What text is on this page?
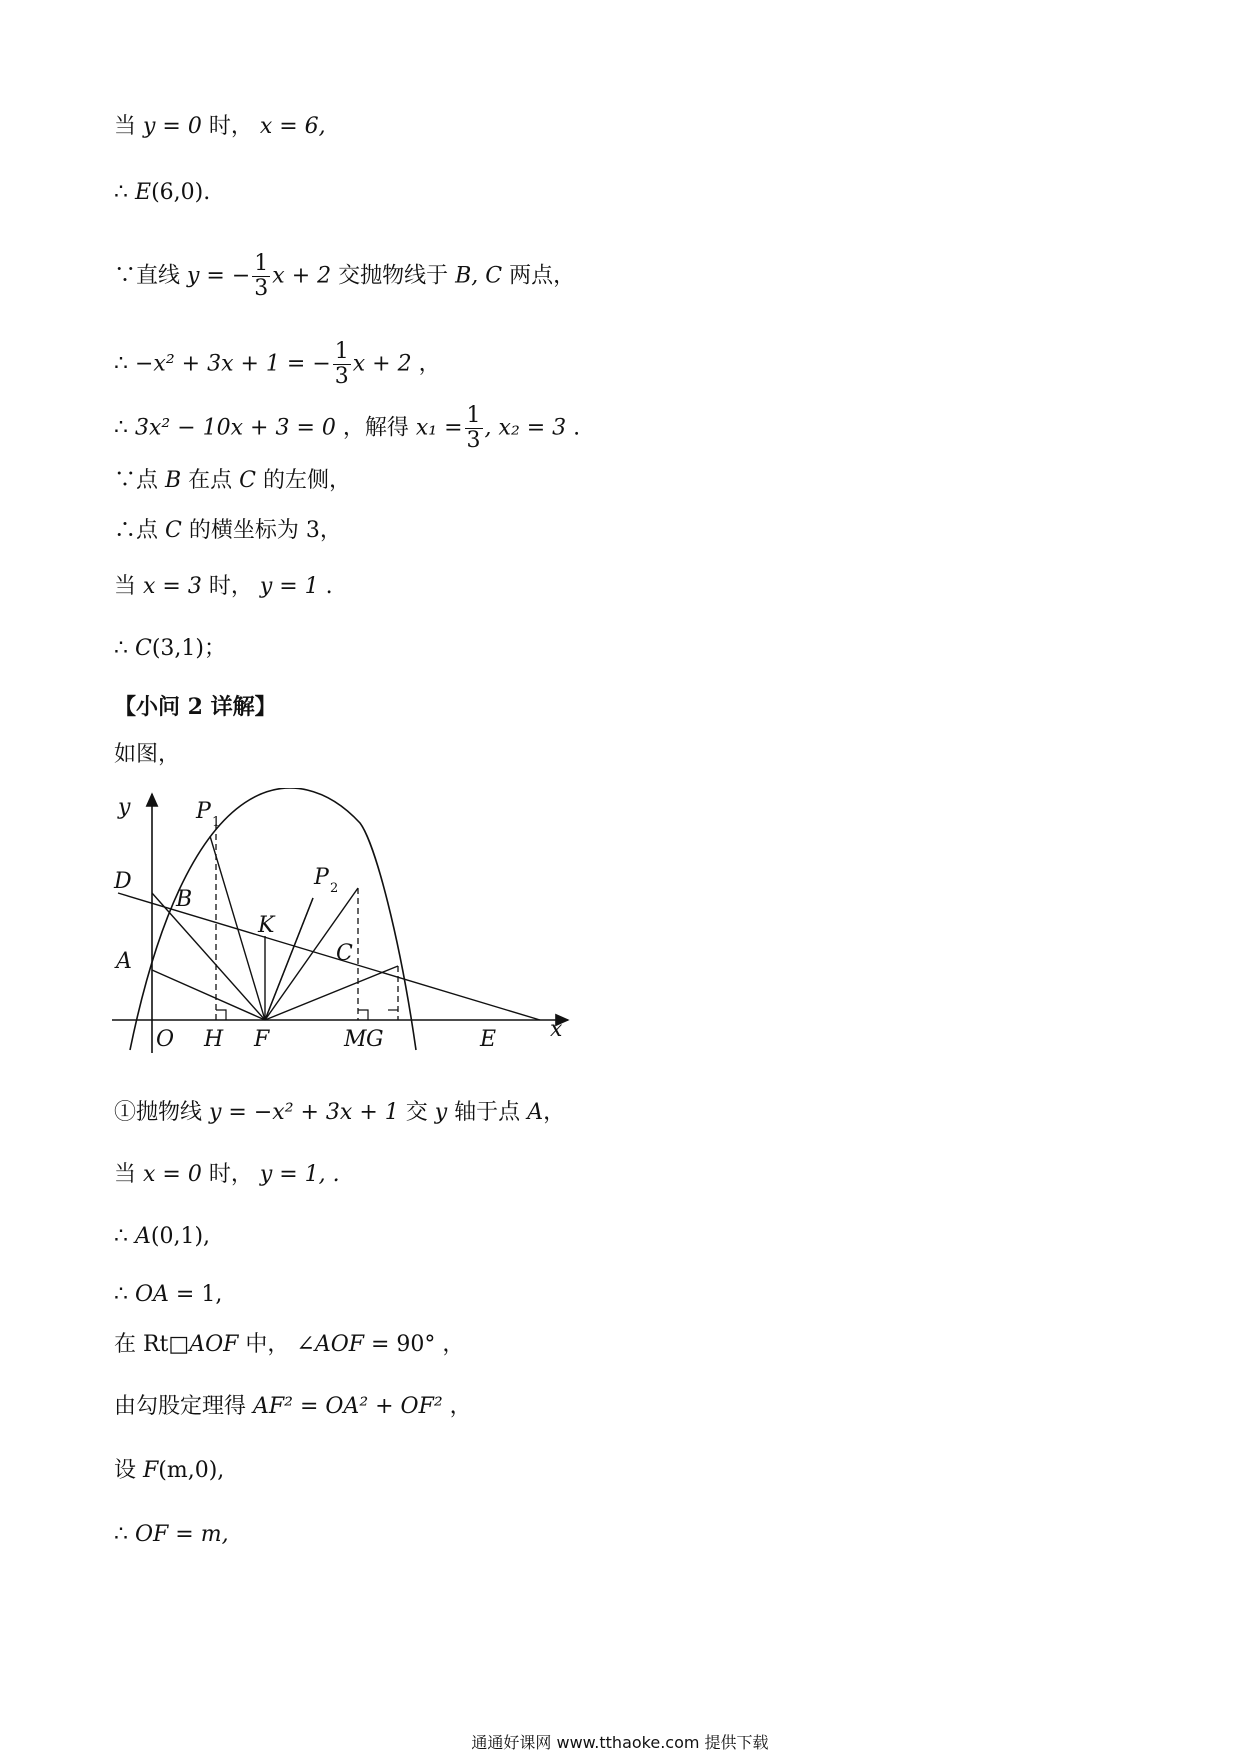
当 y = 0 时， x = 6,
∴ E(6,0).
∵直线 y = − $\frac{1}{3}$ x + 2 交抛物线于 B, C 两点，
∴ −x² + 3x + 1 = − $\frac{1}{3}$ x + 2 ，
∴ 3x² − 10x + 3 = 0 ，解得 $x_1 = \frac{1}{3}$ , x₂ = 3 .
∵点 B 在点 C 的左侧，
∴点 C 的横坐标为 3，
当 x = 3 时， y = 1 .
∴ C(3,1)；
【小问 2 详解】
如图，
y
x
P 1
P 2
D
B
K
C
A
O H F	M G	E
①抛物线 y = −x² + 3x + 1 交 y 轴于点 A，
当 x = 0 时， y = 1, .
∴ A(0,1),
∴ OA = 1,
在 Rt□AOF 中， ∠AOF = 90° ，
由勾股定理得 AF² = OA² + OF² ，
设 F(m,0),
∴ OF = m,
通通好课网 www.tthaoke.com 提供下载
